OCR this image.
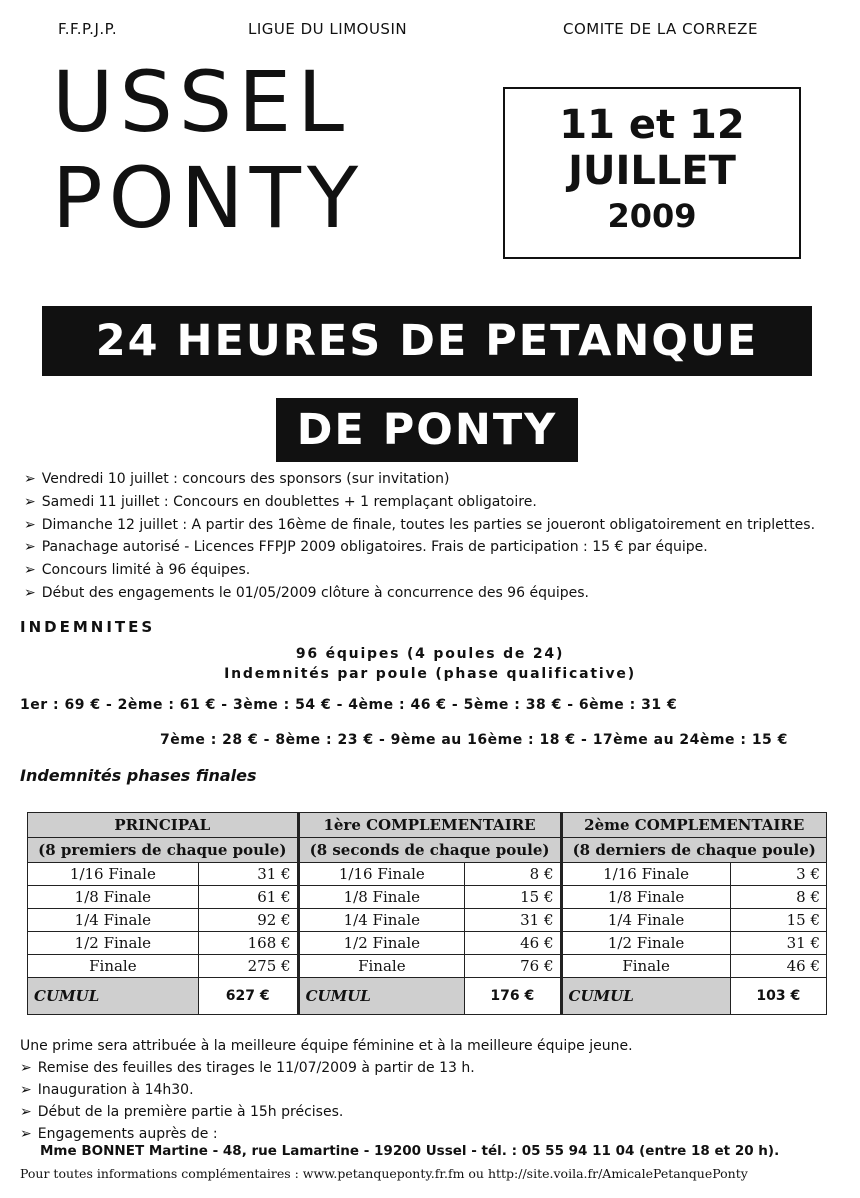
F.F.P.J.P.	LIGUE DU LIMOUSIN	COMITE DE LA CORREZE
USSEL
PONTY
11 et 12
JUILLET
2009
24 HEURES DE PETANQUE
DE PONTY
➢ Vendredi 10 juillet : concours des sponsors (sur invitation)
➢ Samedi 11 juillet : Concours en doublettes + 1 remplaçant obligatoire.
➢ Dimanche 12 juillet : A partir des 16ème de finale, toutes les parties se joueront obligatoirement en triplettes.
➢ Panachage autorisé - Licences FFPJP 2009 obligatoires. Frais de participation : 15 € par équipe.
➢ Concours limité à 96 équipes.
➢ Début des engagements le 01/05/2009 clôture à concurrence des 96 équipes.
INDEMNITES
96 équipes (4 poules de 24)
Indemnités par poule (phase qualificative)
1er : 69 € - 2ème : 61 € - 3ème : 54 € - 4ème : 46 € - 5ème : 38 € - 6ème : 31 €
7ème : 28 € - 8ème : 23 € - 9ème au 16ème : 18 € - 17ème au 24ème : 15 €
Indemnités phases finales
PRINCIPAL		1ère COMPLEMENTAIRE		2ème COMPLEMENTAIRE	
(8 premiers de chaque poule)		(8 seconds de chaque poule)		(8 derniers de chaque poule)	
1/16 Finale	31 €	1/16 Finale	8 €	1/16 Finale	3 €
1/8 Finale	61 €	1/8 Finale	15 €	1/8 Finale	8 €
1/4 Finale	92 €	1/4 Finale	31 €	1/4 Finale	15 €
1/2 Finale	168 €	1/2 Finale	46 €	1/2 Finale	31 €
Finale	275 €	Finale	76 €	Finale	46 €
CUMUL	627 €	CUMUL	176 €	CUMUL	103 €
Une prime sera attribuée à la meilleure équipe féminine et à la meilleure équipe jeune.
➢ Remise des feuilles des tirages le 11/07/2009 à partir de 13 h.
➢ Inauguration à 14h30.
➢ Début de la première partie à 15h précises.
➢ Engagements auprès de :
Mme BONNET Martine - 48, rue Lamartine - 19200 Ussel - tél. : 05 55 94 11 04 (entre 18 et 20 h).
Pour toutes informations complémentaires : www.petanqueponty.fr.fm ou http://site.voila.fr/AmicalePetanquePonty
